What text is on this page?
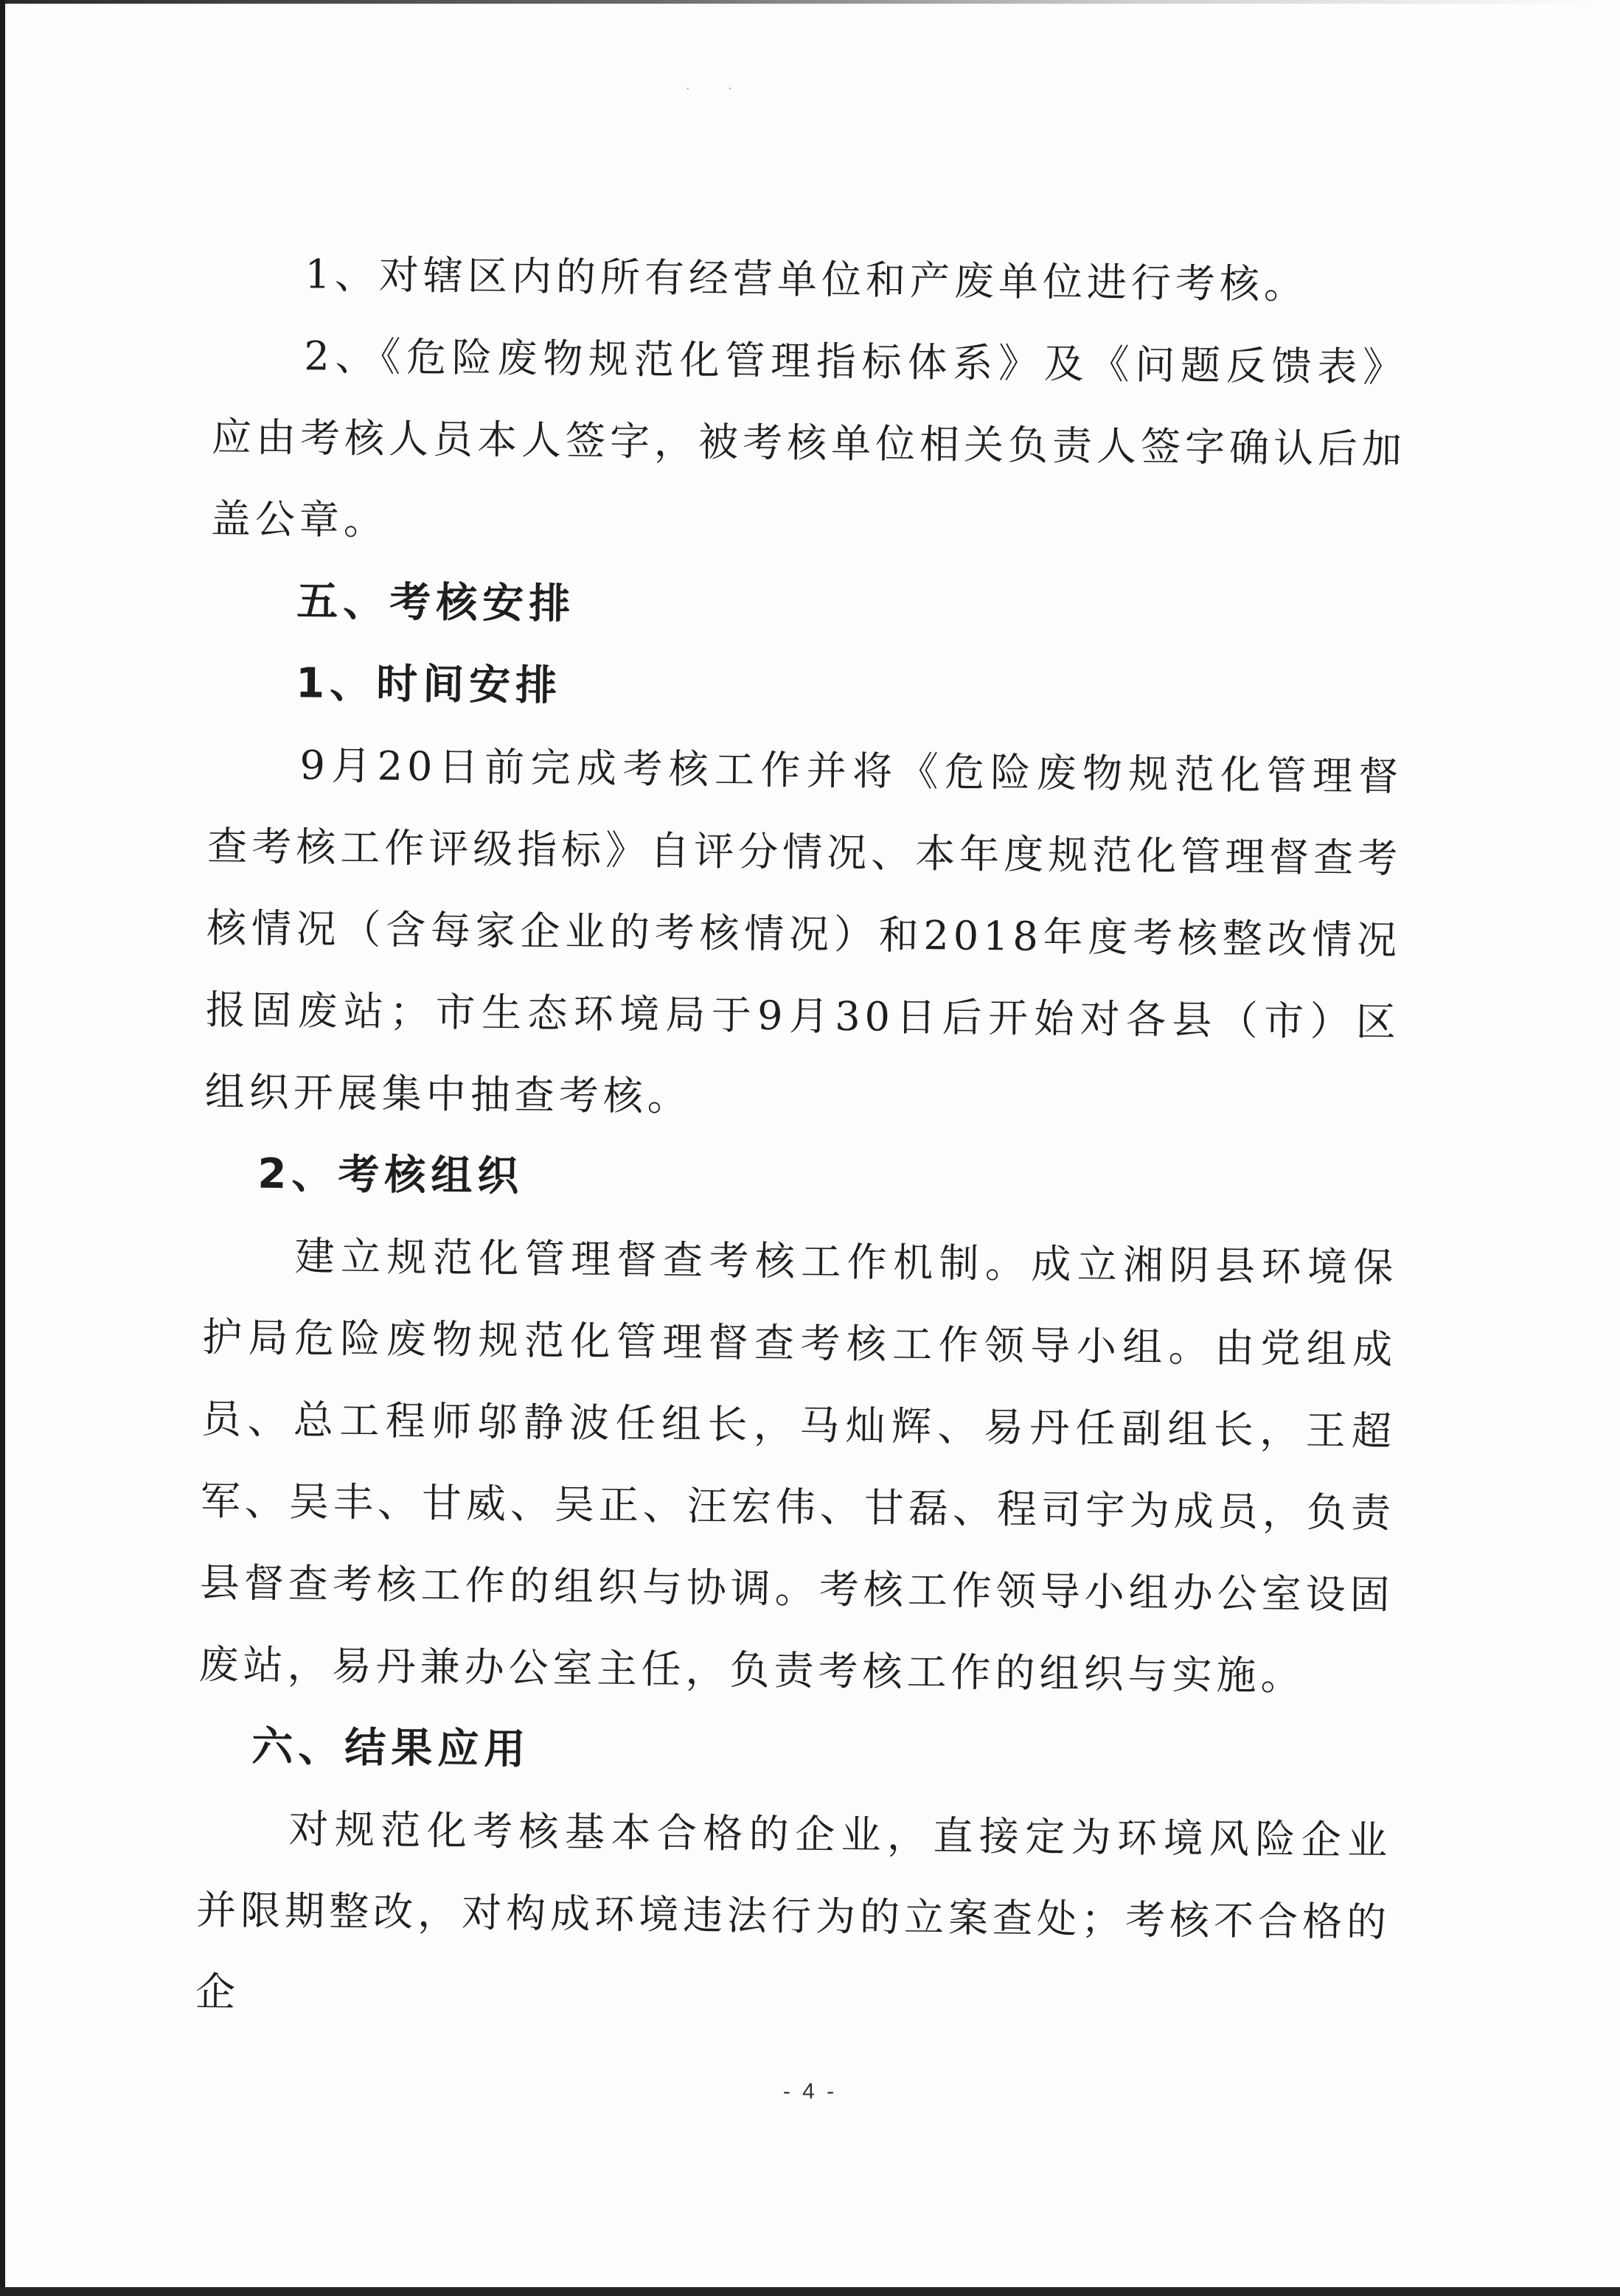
·         ·

1、对辖区内的所有经营单位和产废单位进行考核。

2、《危险废物规范化管理指标体系》及《问题反馈表》应由考核人员本人签字，被考核单位相关负责人签字确认后加盖公章。

五、考核安排

1、时间安排

9月20日前完成考核工作并将《危险废物规范化管理督查考核工作评级指标》自评分情况、本年度规范化管理督查考核情况（含每家企业的考核情况）和2018年度考核整改情况报固废站；市生态环境局于9月30日后开始对各县（市）区组织开展集中抽查考核。

2、考核组织

建立规范化管理督查考核工作机制。成立湘阴县环境保护局危险废物规范化管理督查考核工作领导小组。由党组成员、总工程师邬静波任组长，马灿辉、易丹任副组长，王超军、吴丰、甘威、吴正、汪宏伟、甘磊、程司宇为成员，负责县督查考核工作的组织与协调。考核工作领导小组办公室设固废站，易丹兼办公室主任，负责考核工作的组织与实施。

六、结果应用

对规范化考核基本合格的企业，直接定为环境风险企业并限期整改，对构成环境违法行为的立案查处；考核不合格的企

- 4 -
